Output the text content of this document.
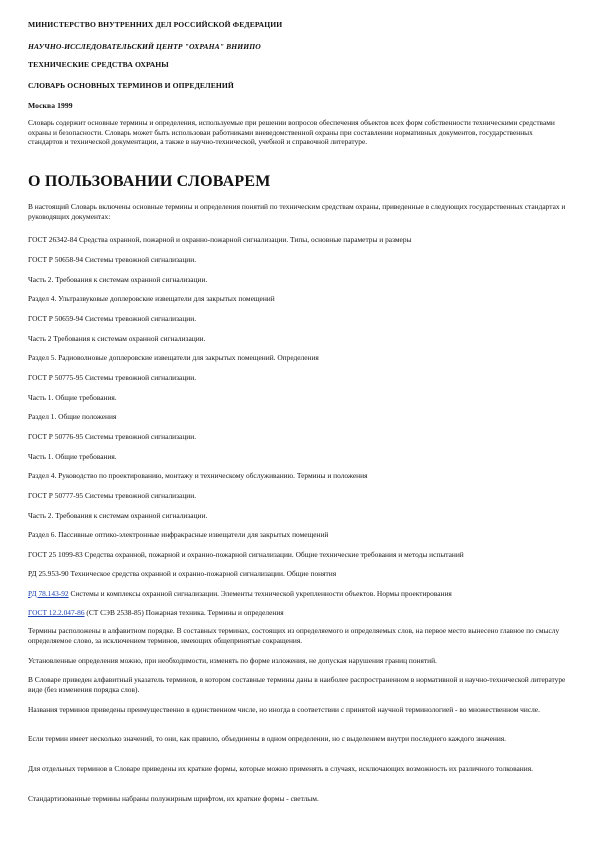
МИНИСТЕРСТВО ВНУТРЕННИХ ДЕЛ РОССИЙСКОЙ ФЕДЕРАЦИИ
НАУЧНО-ИССЛЕДОВАТЕЛЬСКИЙ ЦЕНТР "ОХРАНА" ВНИИПО
ТЕХНИЧЕСКИЕ СРЕДСТВА ОХРАНЫ
СЛОВАРЬ ОСНОВНЫХ ТЕРМИНОВ И ОПРЕДЕЛЕНИЙ
Москва 1999
Словарь содержит основные термины и определения, используемые при решении вопросов обеспечения объектов всех форм собственности техническими средствами охраны и безопасности. Словарь может быть использован работниками вневедомственной охраны при составлении нормативных документов, государственных стандартов и технической документации, а также в научно-технической, учебной и справочной литературе.
О ПОЛЬЗОВАНИИ СЛОВАРЕМ
В настоящий Словарь включены основные термины и определения понятий по техническим средствам охраны, приведенные в следующих государственных стандартах и руководящих документах:
ГОСТ 26342-84 Средства охранной, пожарной и охранно-пожарной сигнализации. Типы, основные параметры и размеры
ГОСТ Р 50658-94 Системы тревожной сигнализации.
Часть 2. Требования к системам охранной сигнализации.
Раздел 4. Ультразвуковые доплеровские извещатели для закрытых помещений
ГОСТ Р 50659-94 Системы тревожной сигнализации.
Часть 2 Требования к системам охранной сигнализации.
Раздел 5. Радиоволновые доплеровские извещатели для закрытых помещений. Определения
ГОСТ Р 50775-95 Системы тревожной сигнализации.
Часть 1. Общие требования.
Раздел 1. Общие положения
ГОСТ Р 50776-95 Системы тревожной сигнализации.
Часть 1. Общие требования.
Раздел 4. Руководство по проектированию, монтажу и техническому обслуживанию. Термины и положения
ГОСТ Р 50777-95 Системы тревожной сигнализации.
Часть 2. Требования к системам охранной сигнализации.
Раздел 6. Пассивные оптико-электронные инфракрасные извещатели для закрытых помещений
ГОСТ 25 1099-83 Средства охранной, пожарной и охранно-пожарной сигнализации. Общие технические требования и методы испытаний
РД 25.953-90 Техническое средства охранной и охранно-пожарной сигнализации. Общие понятия
РД 78.143-92 Системы и комплексы охранной сигнализации. Элементы технической укрепленности объектов. Нормы проектирования
ГОСТ 12.2.047-86 (СТ СЭВ 2538-85) Пожарная техника. Термины и определения
Термины расположены в алфавитном порядке. В составных терминах, состоящих из определяемого и определяемых слов, на первое место вынесено главное по смыслу определяемое слово, за исключением терминов, имеющих общепринятые сокращения.
Установленные определения можно, при необходимости, изменять по форме изложения, не допуская нарушения границ понятий.
В Словаре приведен алфавитный указатель терминов, в котором составные термины даны в наиболее распространенном в нормативной и научно-технической литературе виде (без изменения порядка слов).
Названия терминов приведены преимущественно в единственном числе, но иногда в соответствии с принятой научной терминологией - во множественном числе.
Если термин имеет несколько значений, то они, как правило, объединены в одном определении, но с выделением внутри последнего каждого значения.
Для отдельных терминов в Словаре приведены их краткие формы, которые можно применять в случаях, исключающих возможность их различного толкования.
Стандартизованные термины набраны полужирным шрифтом, их краткие формы - светлым.
